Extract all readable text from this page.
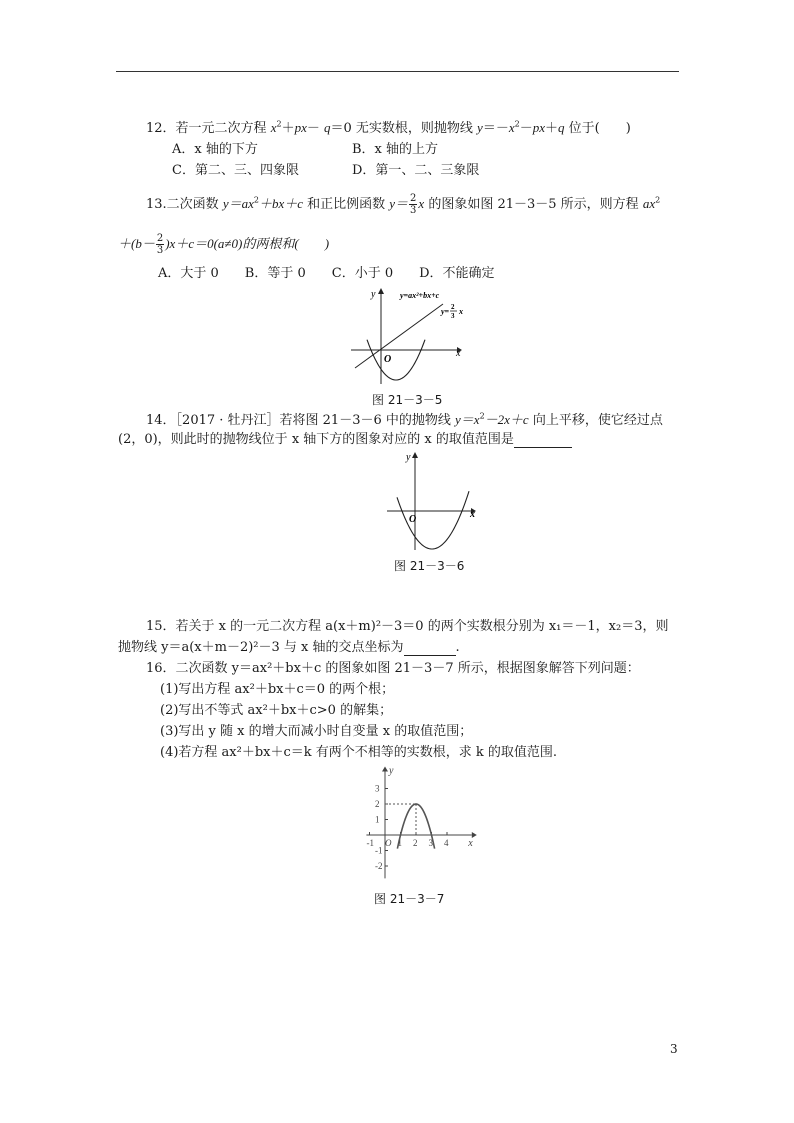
12．若一元二次方程 $x^2+px- q=0$ 无实数根，则抛物线 $y=-x^2-px+q$ 位于(　　)
A．x 轴的下方	B．x 轴的上方
C．第二、三、四象限	D．第一、二、三象限
13.二次函数 $y=ax^2+bx+c$ 和正比例函数 $y= \frac{2}{3}$ x 的图象如图 21－3－5 所示，则方程 $ax^2$
$+(b- \frac{2}{3} )x+c=0(a\ne 0)$的两根和(　　)
A．大于 0　　B．等于 0　　C．小于 0　　D．不能确定
x
y
O
y=ax²+bx+c
y= 2
3 x
图 21－3－5
14．［2017 · 牡丹江］若将图 21－3－6 中的抛物线 $y=x^2-2x+c$ 向上平移，使它经过点
(2，0)，则此时的抛物线位于 x 轴下方的图象对应的 x 的取值范围是
x
y
O
图 21－3－6
15．若关于 x 的一元二次方程 a(x＋m)²－3＝0 的两个实数根分别为 x₁＝－1，x₂＝3，则
抛物线 y＝a(x＋m－2)²－3 与 x 轴的交点坐标为	.
16．二次函数 y＝ax²＋bx＋c 的图象如图 21－3－7 所示，根据图象解答下列问题：
(1)写出方程 ax²＋bx＋c＝0 的两个根；
(2)写出不等式 ax²＋bx＋c>0 的解集；
(3)写出 y 随 x 的增大而减小时自变量 x 的取值范围；
(4)若方程 ax²＋bx＋c＝k 有两个不相等的实数根，求 k 的取值范围.
3
2
1
-1
-2
-1 O 1 2 3 4 x
y
图 21－3－7
3
